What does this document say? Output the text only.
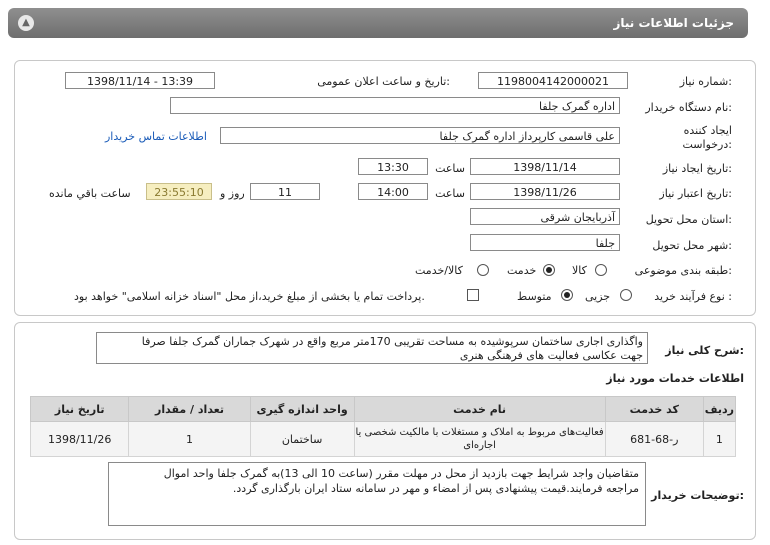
جزئیات اطلاعات نیاز
▲
شماره نیاز:
1198004142000021
تاریخ و ساعت اعلان عمومی:
1398/11/14 - 13:39
نام دستگاه خریدار:
اداره گمرک جلفا
ایجاد کننده
درخواست:
علی قاسمی کارپرداز اداره گمرک جلفا
اطلاعات تماس خریدار
تاریخ ایجاد نیاز:
1398/11/14
ساعت
13:30
تاریخ اعتبار نیاز:
1398/11/26
ساعت
14:00
11
روز و
23:55:10
ساعت باقي مانده
استان محل تحویل:
آذربایجان شرقی
شهر محل تحویل:
جلفا
طبقه بندی موضوعی:
کالا
خدمت
کالا/خدمت
نوع فرآیند خرید :
جزیی
متوسط
پرداخت تمام یا بخشی از مبلغ خرید،از محل "اسناد خزانه اسلامی" خواهد بود.
شرح کلی نیاز:
واگذاری اجاری ساختمان سرپوشیده به مساحت تقریبی 170متر مربع واقع در شهرک جماران گمرک جلفا صرفا
جهت عکاسی فعالیت های فرهنگی هنری
اطلاعات خدمات مورد نیاز
ردیف	کد خدمت	نام خدمت	واحد اندازه گیری	تعداد / مقدار	تاریخ نیاز
1	ر-68-681	فعالیت‌های مربوط به املاک و مستغلات با مالکیت شخصی یا
اجاره‌ای	ساختمان	1	1398/11/26
توضیحات خریدار:
متقاضیان واجد شرایط جهت بازدید از محل در مهلت مقرر (ساعت 10 الی 13)به گمرک جلفا واحد اموال
مراجعه فرمایند.قیمت پیشنهادی پس از امضاء و مهر در سامانه ستاد ایران بارگذاری گردد.
